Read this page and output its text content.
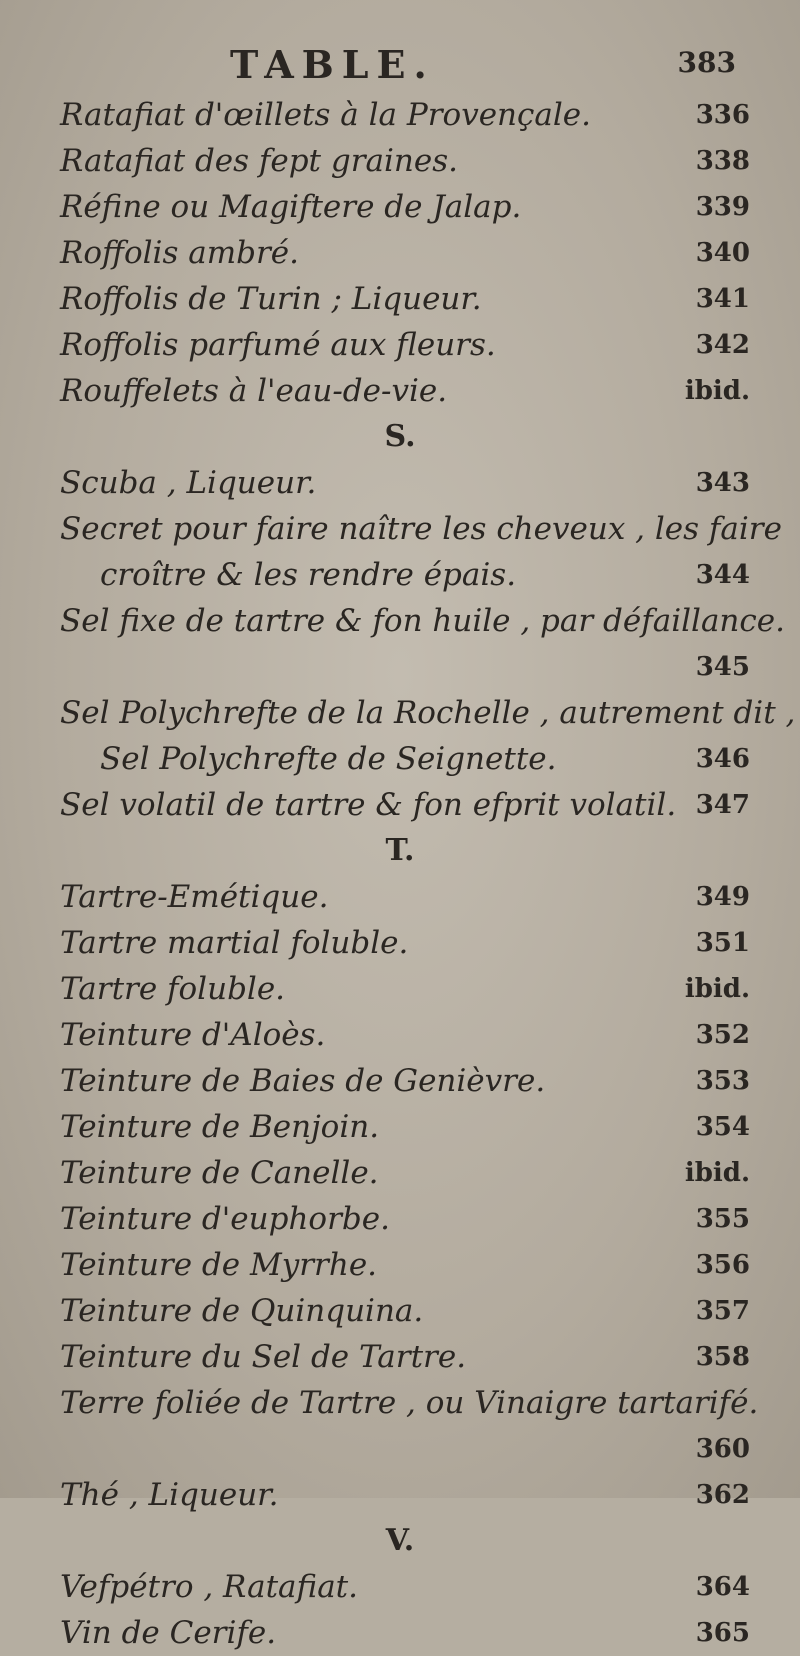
TABLE.	383
Ratafiat d'œillets à la Provençale.	336
Ratafiat des fept graines.	338
Réfine ou Magiftere de Jalap.	339
Roffolis ambré.	340
Roffolis de Turin ; Liqueur.	341
Roffolis parfumé aux fleurs.	342
Rouffelets à l'eau-de-vie.	ibid.
S.
Scuba , Liqueur.	343
Secret pour faire naître les cheveux , les faire
croître & les rendre épais.	344
Sel fixe de tartre & fon huile , par défaillance.
345
Sel Polychrefte de la Rochelle , autrement dit ,
Sel Polychrefte de Seignette.	346
Sel volatil de tartre & fon efprit volatil. 347
T.
Tartre-Emétique.	349
Tartre martial foluble.	351
Tartre foluble.	ibid.
Teinture d'Aloès.	352
Teinture de Baies de Genièvre.	353
Teinture de Benjoin.	354
Teinture de Canelle.	ibid.
Teinture d'euphorbe.	355
Teinture de Myrrhe.	356
Teinture de Quinquina.	357
Teinture du Sel de Tartre.	358
Terre foliée de Tartre , ou Vinaigre tartarifé.
360
Thé , Liqueur.	362
V.
Vefpétro , Ratafiat.	364
Vin de Cerife.	365
